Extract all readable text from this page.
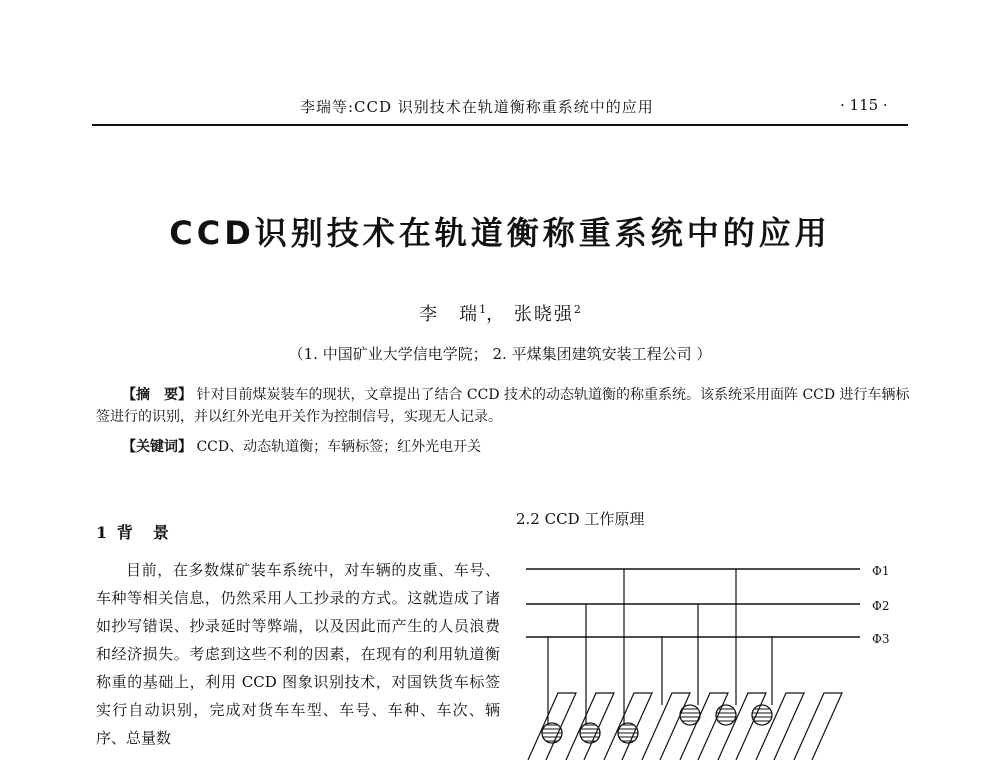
李瑞等:CCD 识别技术在轨道衡称重系统中的应用	· 115 ·
CCD识别技术在轨道衡称重系统中的应用
李　瑞$^1$， 张晓强$^2$
（1. 中国矿业大学信电学院； 2. 平煤集团建筑安装工程公司 ）
【摘　要】 针对目前煤炭装车的现状，文章提出了结合 CCD 技术的动态轨道衡的称重系统。该系统采用面阵 CCD 进行车辆标签进行的识别，并以红外光电开关作为控制信号，实现无人记录。
【关键词】 CCD、动态轨道衡；车辆标签；红外光电开关
1 背　景
目前，在多数煤矿装车系统中，对车辆的皮重、车号、车种等相关信息，仍然采用人工抄录的方式。这就造成了诸如抄写错误、抄录延时等弊端，以及因此而产生的人员浪费和经济损失。考虑到这些不利的因素，在现有的利用轨道衡称重的基础上，利用 CCD 图象识别技术，对国铁货车标签实行自动识别，完成对货车车型、车号、车种、车次、辆序、总量数
2.2 CCD 工作原理
Φ1
Φ2
Φ3
